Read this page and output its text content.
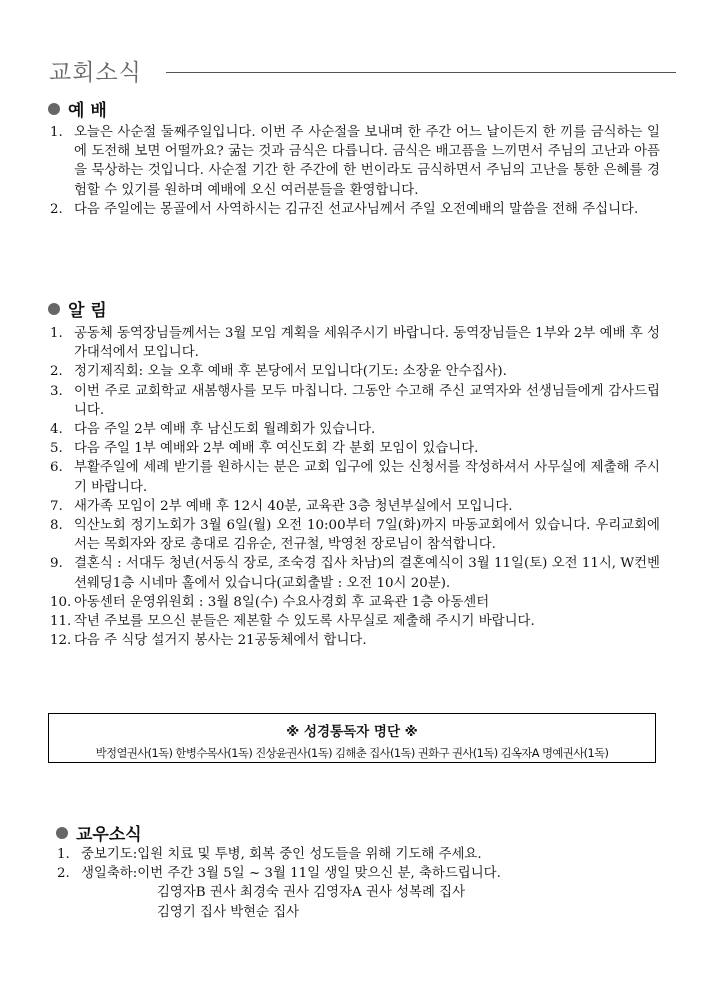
교회소식
예 배
1. 오늘은 사순절 둘째주일입니다. 이번 주 사순절을 보내며 한 주간 어느 날이든지 한 끼를 금식하는 일에 도전해 보면 어떨까요? 굶는 것과 금식은 다릅니다. 금식은 배고픔을 느끼면서 주님의 고난과 아픔을 묵상하는 것입니다. 사순절 기간 한 주간에 한 번이라도 금식하면서 주님의 고난을 통한 은혜를 경험할 수 있기를 원하며 예배에 오신 여러분들을 환영합니다.
2. 다음 주일에는 몽골에서 사역하시는 김규진 선교사님께서 주일 오전예배의 말씀을 전해 주십니다.
알 림
1. 공동체 동역장님들께서는 3월 모임 계획을 세워주시기 바랍니다. 동역장님들은 1부와 2부 예배 후 성가대석에서 모입니다.
2. 정기제직회: 오늘 오후 예배 후 본당에서 모입니다(기도: 소장윤 안수집사).
3. 이번 주로 교회학교 새봄행사를 모두 마칩니다. 그동안 수고해 주신 교역자와 선생님들에게 감사드립니다.
4. 다음 주일 2부 예배 후 남신도회 월례회가 있습니다.
5. 다음 주일 1부 예배와 2부 예배 후 여신도회 각 분회 모임이 있습니다.
6. 부활주일에 세례 받기를 원하시는 분은 교회 입구에 있는 신청서를 작성하셔서 사무실에 제출해 주시기 바랍니다.
7. 새가족 모임이 2부 예배 후 12시 40분, 교육관 3층 청년부실에서 모입니다.
8. 익산노회 정기노회가 3월 6일(월) 오전 10:00부터 7일(화)까지 마동교회에서 있습니다. 우리교회에서는 목회자와 장로 총대로 김유순, 전규철, 박영천 장로님이 참석합니다.
9. 결혼식 : 서대두 청년(서동식 장로, 조숙경 집사 차남)의 결혼예식이 3월 11일(토) 오전 11시, W컨벤션웨딩1층 시네마 홀에서 있습니다(교회출발 : 오전 10시 20분).
10. 아동센터 운영위원회 : 3월 8일(수) 수요사경회 후 교육관 1층 아동센터
11. 작년 주보를 모으신 분들은 제본할 수 있도록 사무실로 제출해 주시기 바랍니다.
12. 다음 주 식당 설거지 봉사는 21공동체에서 합니다.
※ 성경통독자 명단 ※
박정열권사(1독) 한병수목사(1독) 진상윤권사(1독) 김해춘 집사(1독) 권화구 권사(1독) 김옥자A 명예권사(1독)
교우소식
1. 중보기도: 입원 치료 및 투병, 회복 중인 성도들을 위해 기도해 주세요.
2. 생일축하: 이번 주간 3월 5일 ~ 3월 11일 생일 맞으신 분, 축하드립니다.
김영자B 권사 최경숙 권사 김영자A 권사 성복례 집사
김영기 집사 박현순 집사
